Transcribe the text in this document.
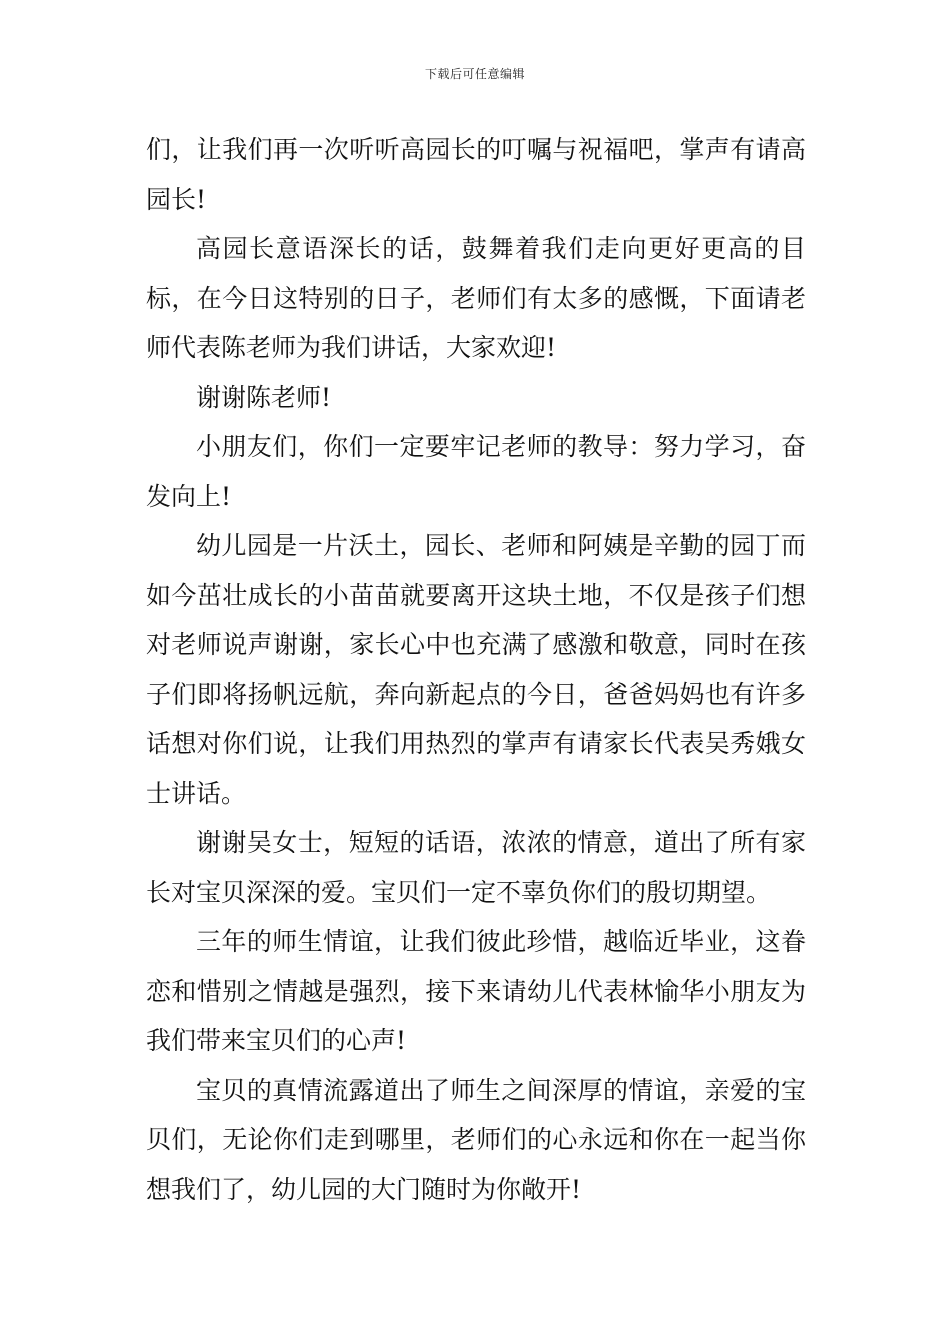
下载后可任意编辑

们，让我们再一次听听高园长的叮嘱与祝福吧，掌声有请高园长!

高园长意语深长的话，鼓舞着我们走向更好更高的目标，在今日这特别的日子，老师们有太多的感慨，下面请老师代表陈老师为我们讲话，大家欢迎!

谢谢陈老师!

小朋友们，你们一定要牢记老师的教导：努力学习，奋发向上!

幼儿园是一片沃土，园长、老师和阿姨是辛勤的园丁而如今茁壮成长的小苗苗就要离开这块土地，不仅是孩子们想对老师说声谢谢，家长心中也充满了感激和敬意，同时在孩子们即将扬帆远航，奔向新起点的今日，爸爸妈妈也有许多话想对你们说，让我们用热烈的掌声有请家长代表吴秀娥女士讲话。

谢谢吴女士，短短的话语，浓浓的情意，道出了所有家长对宝贝深深的爱。宝贝们一定不辜负你们的殷切期望。

三年的师生情谊，让我们彼此珍惜，越临近毕业，这眷恋和惜别之情越是强烈，接下来请幼儿代表林愉华小朋友为我们带来宝贝们的心声!

宝贝的真情流露道出了师生之间深厚的情谊，亲爱的宝贝们，无论你们走到哪里，老师们的心永远和你在一起当你想我们了，幼儿园的大门随时为你敞开!
